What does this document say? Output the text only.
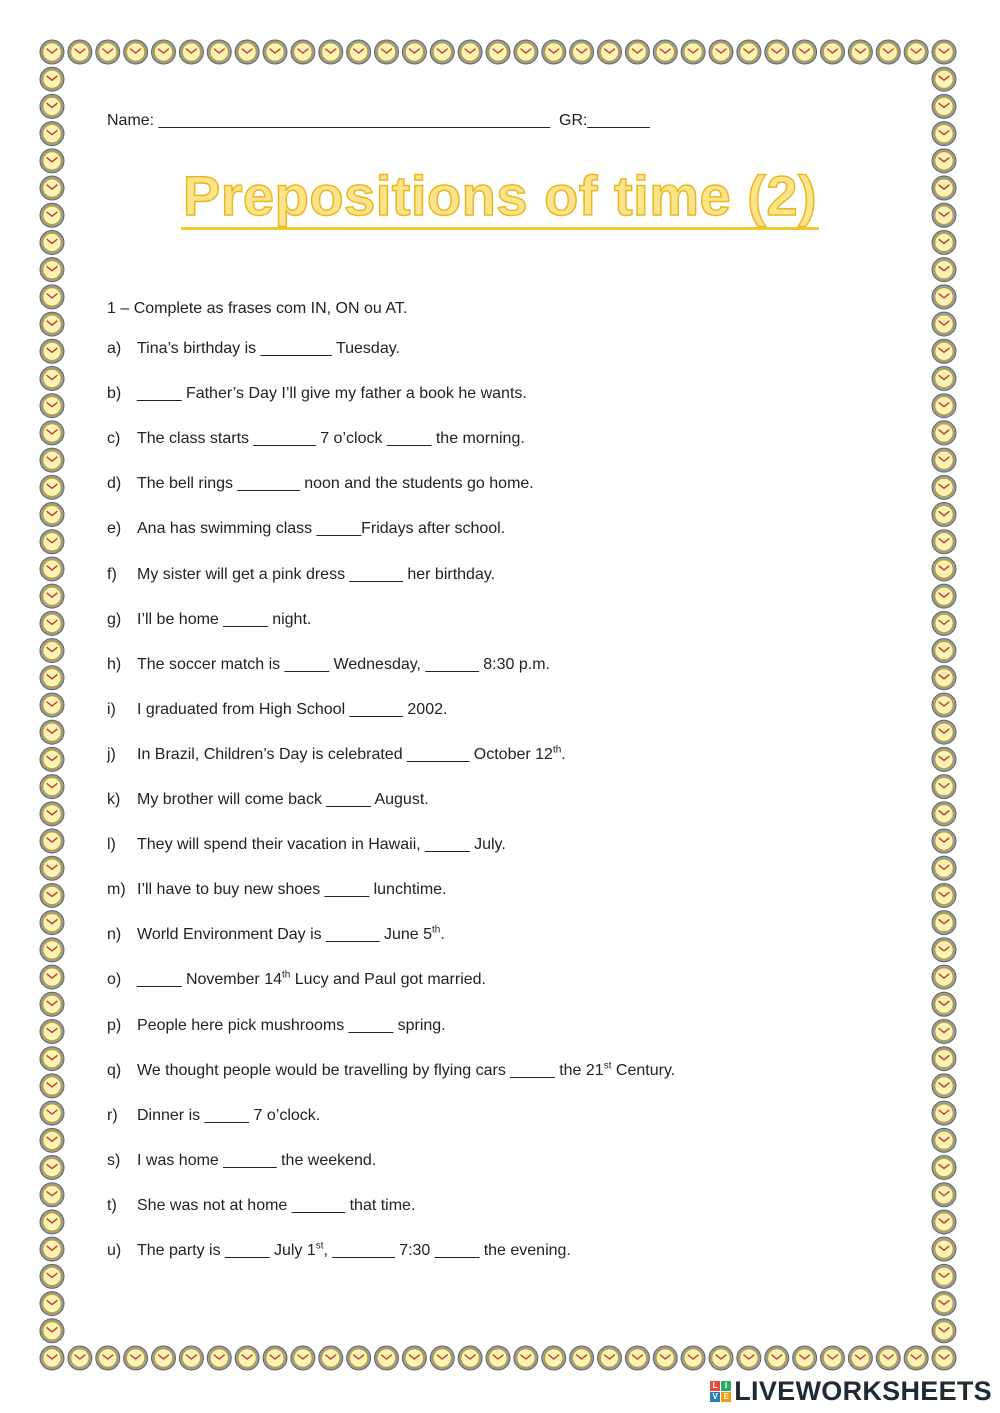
Name: ____________________________________________  GR:_______
Prepositions of time (2)
1 – Complete as frases com IN, ON ou AT.
a) Tina’s birthday is ________ Tuesday.
b) _____ Father’s Day I’ll give my father a book he wants.
c) The class starts _______ 7 o’clock _____ the morning.
d) The bell rings _______ noon and the students go home.
e) Ana has swimming class _____Fridays after school.
f) My sister will get a pink dress ______ her birthday.
g) I’ll be home _____ night.
h) The soccer match is _____ Wednesday, ______ 8:30 p.m.
i) I graduated from High School ______ 2002.
j) In Brazil, Children’s Day is celebrated _______ October 12th.
k) My brother will come back _____ August.
l) They will spend their vacation in Hawaii, _____ July.
m) I’ll have to buy new shoes _____ lunchtime.
n) World Environment Day is ______ June 5th.
o) _____ November 14th Lucy and Paul got married.
p) People here pick mushrooms _____ spring.
q) We thought people would be travelling by flying cars _____ the 21st Century.
r) Dinner is _____ 7 o’clock.
s) I was home ______ the weekend.
t) She was not at home ______ that time.
u) The party is _____ July 1st, _______ 7:30 _____ the evening.
L I
V E LIVEWORKSHEETS
